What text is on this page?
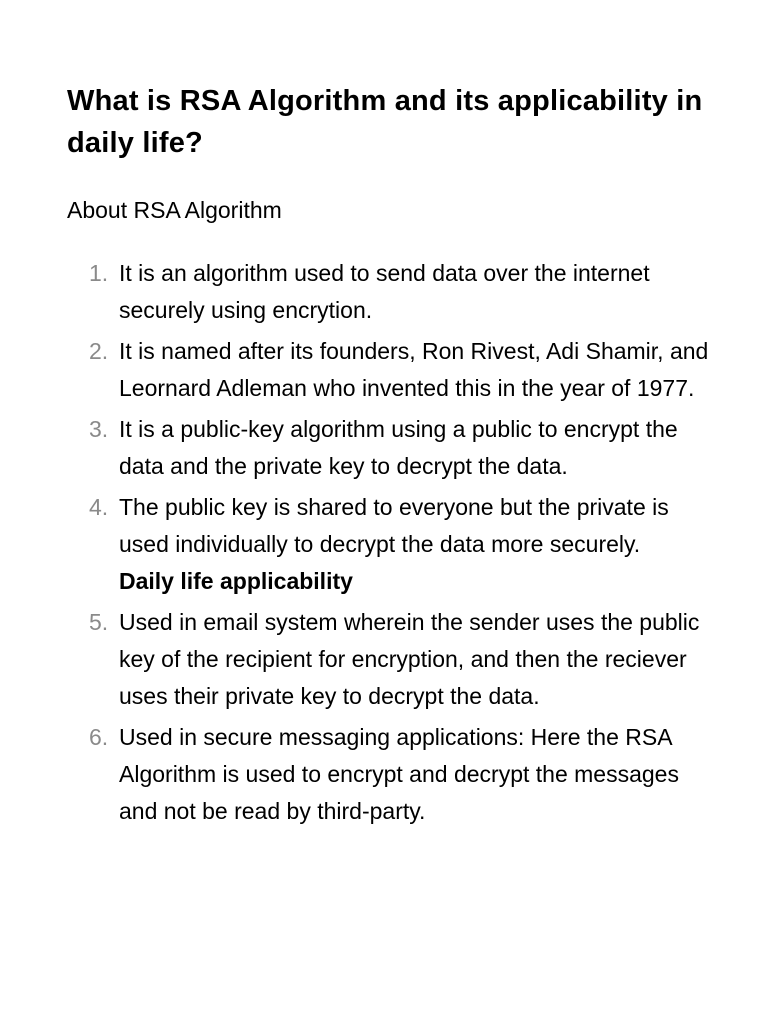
What is RSA Algorithm and its applicability in daily life?

About RSA Algorithm

1. It is an algorithm used to send data over the internet securely using encrytion.
2. It is named after its founders, Ron Rivest, Adi Shamir, and Leornard Adleman who invented this in the year of 1977.
3. It is a public-key algorithm using a public to encrypt the data and the private key to decrypt the data.
4. The public key is shared to everyone but the private is used individually to decrypt the data more securely.
Daily life applicability
5. Used in email system wherein the sender uses the public key of the recipient for encryption, and then the reciever uses their private key to decrypt the data.
6. Used in secure messaging applications: Here the RSA Algorithm is used to encrypt and decrypt the messages and not be read by third-party.
